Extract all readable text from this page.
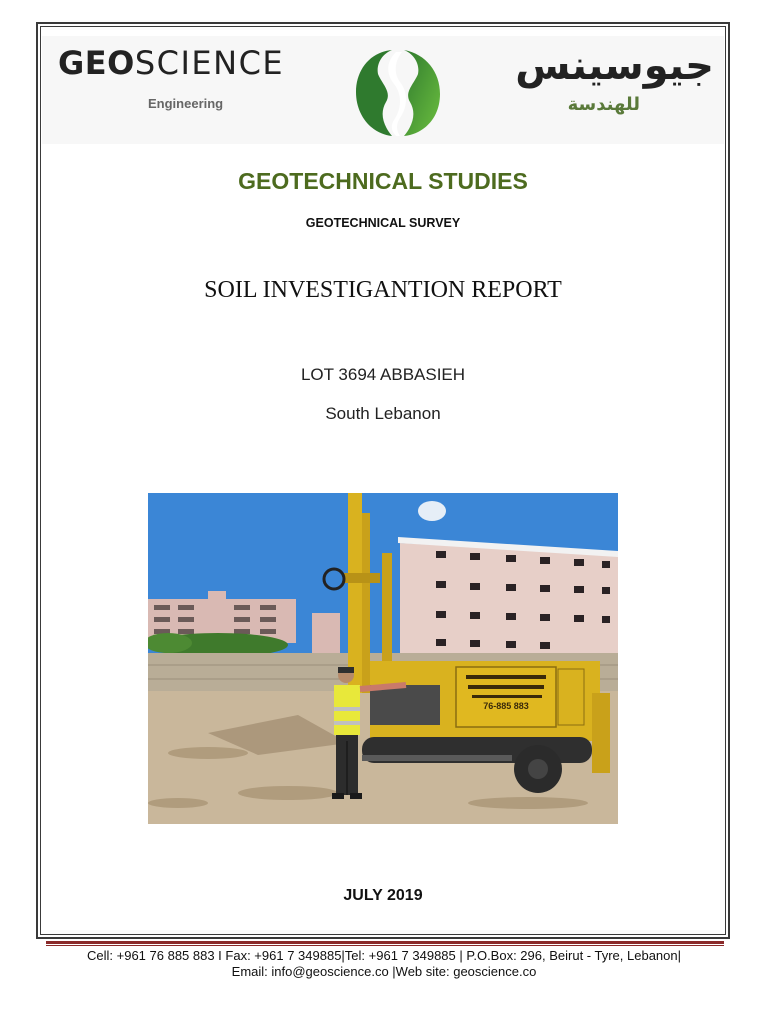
GEOSCIENCE
Engineering
جيوسينس
للهندسة
GEOTECHNICAL STUDIES
GEOTECHNICAL SURVEY
SOIL INVESTIGANTION REPORT
LOT 3694 ABBASIEH
South Lebanon
76-885 883
JULY 2019
Cell: +961 76 885 883 I Fax: +961 7 349885|Tel: +961 7 349885 | P.O.Box: 296, Beirut - Tyre, Lebanon|
Email: info@geoscience.co |Web site: geoscience.co
